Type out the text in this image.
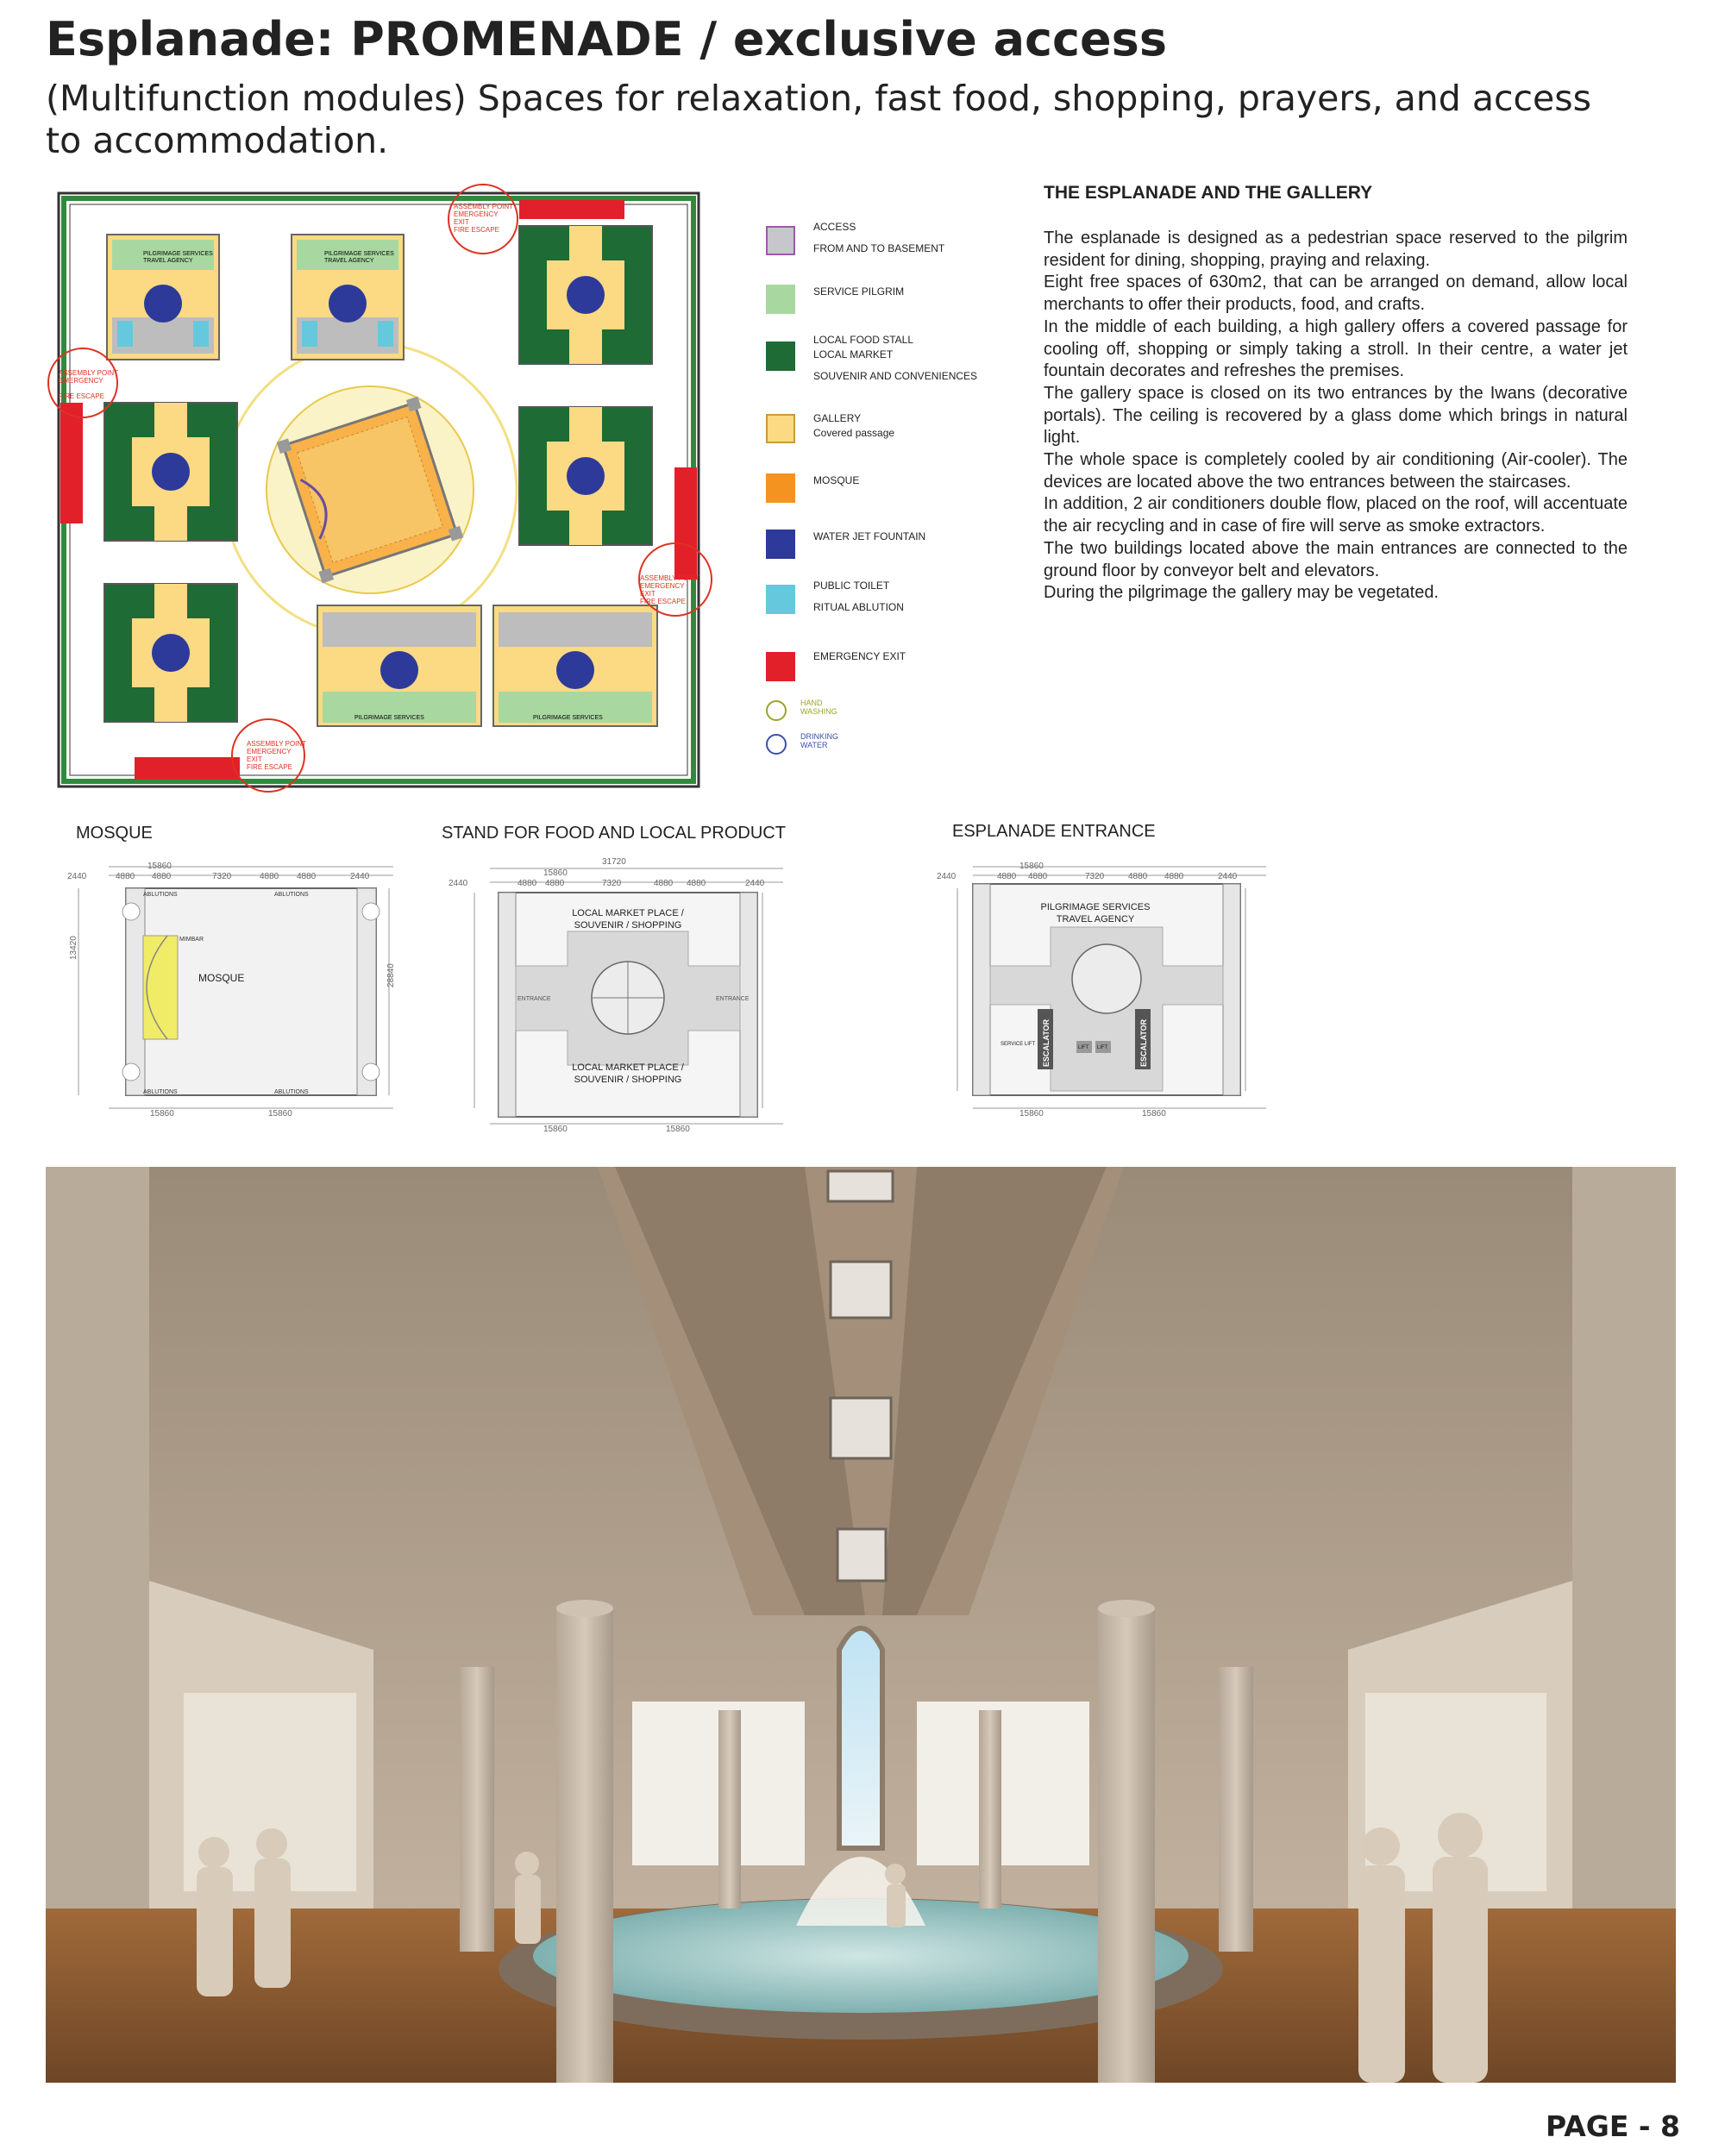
Esplanade: PROMENADE / exclusive access
(Multifunction modules) Spaces for relaxation, fast food, shopping, prayers, and access to accommodation.
PILGRIMAGE SERVICES
TRAVEL AGENCY
PILGRIMAGE SERVICES
TRAVEL AGENCY
PILGRIMAGE SERVICES	PILGRIMAGE SERVICES
ASSEMBLY POINT
EMERGENCY
EXIT
FIRE ESCAPE
ASSEMBLY POINT
EMERGENCY
FIRE ESCAPE
ASSEMBLY POINT
EMERGENCY
EXIT
FIRE ESCAPE
ASSEMBLY POINT
EMERGENCY
EXIT
FIRE ESCAPE
ACCESS
FROM AND TO BASEMENT
SERVICE PILGRIM
LOCAL FOOD STALL
LOCAL MARKET
SOUVENIR AND CONVENIENCES
GALLERY
Covered passage
MOSQUE
WATER JET FOUNTAIN
PUBLIC TOILET
RITUAL ABLUTION
EMERGENCY EXIT
HAND
WASHING
DRINKING
WATER
THE ESPLANADE AND THE GALLERY

The esplanade is designed as a pedestrian space reserved to the pilgrim resident for dining, shopping, praying and relaxing.

Eight free spaces of 630m2, that can be arranged on demand, allow local merchants to offer their products, food, and crafts.

In the middle of each building, a high gallery offers a covered passage for cooling off, shopping or simply taking a stroll. In their centre, a water jet fountain decorates and refreshes the premises.

The gallery space is closed on its two entrances by the Iwans (decorative portals). The ceiling is recovered by a glass dome which brings in natural light.

The whole space is completely cooled by air conditioning (Air-cooler). The devices are located above the two entrances between the staircases.

In addition, 2 air conditioners double flow, placed on the roof, will accentuate the air recycling and in case of fire will serve as smoke extractors.

The two buildings located above the main entrances are connected to the ground floor by conveyor belt and elevators.

During the pilgrimage the gallery may be vegetated.

MOSQUE	STAND FOR FOOD AND LOCAL PRODUCT	ESPLANADE ENTRANCE
2440	4880 4880	7320	4880 4880	2440
15860
15860	15860
13420
28840
ABLUTIONS	ABLUTIONS
ABLUTIONS	ABLUTIONS
MIMBAR
MOSQUE
2440	4880 4880	7320	4880 4880	2440
31720
15860
15860	15860
LOCAL MARKET PLACE /
SOUVENIR / SHOPPING
LOCAL MARKET PLACE /
SOUVENIR / SHOPPING
ENTRANCE	ENTRANCE
2440	4880 4880	7320	4880 4880	2440
15860
15860	15860
PILGRIMAGE SERVICES
TRAVEL AGENCY
ESCALATOR	ESCALATOR
LIFT LIFT
SERVICE LIFT
PAGE - 8
